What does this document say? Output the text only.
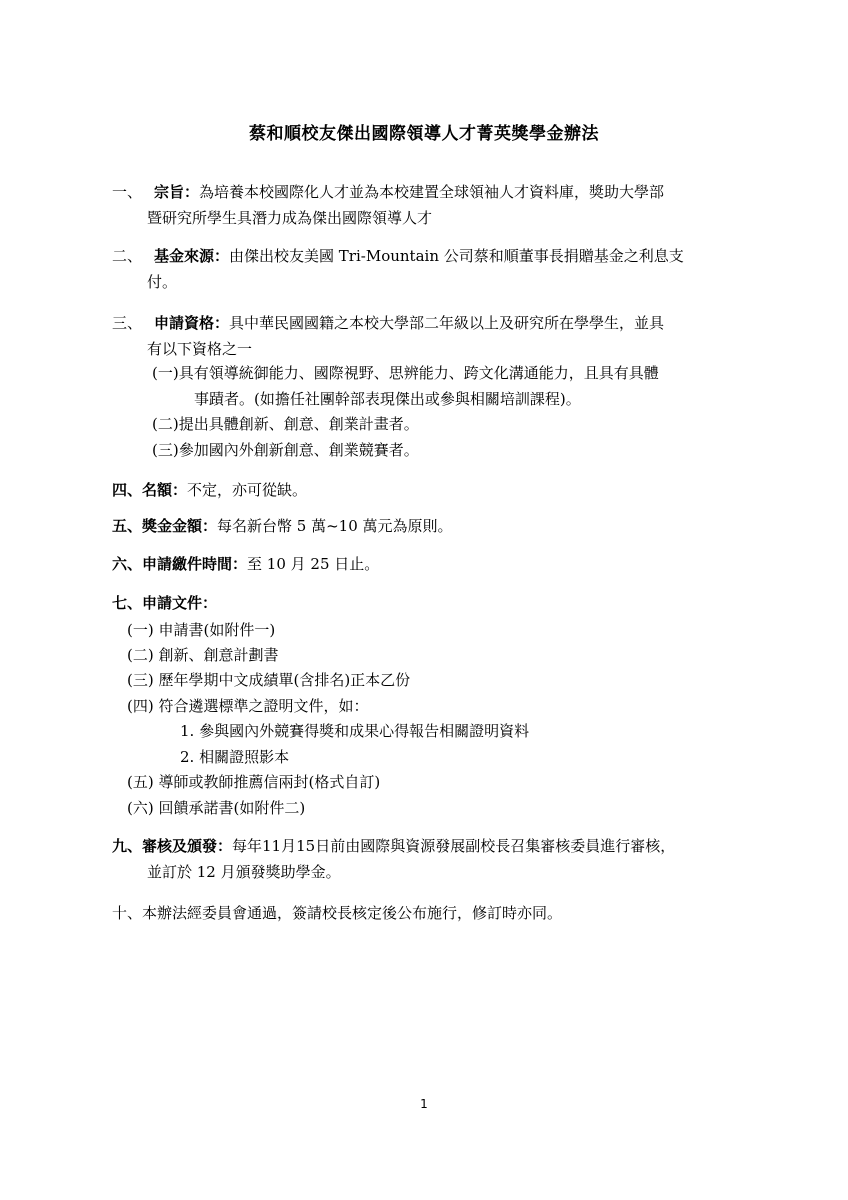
蔡和順校友傑出國際領導人才菁英獎學金辦法
一、 宗旨：為培養本校國際化人才並為本校建置全球領袖人才資料庫，獎助大學部
暨研究所學生具潛力成為傑出國際領導人才
二、 基金來源：由傑出校友美國 Tri-Mountain 公司蔡和順董事長捐贈基金之利息支
付。
三、 申請資格：具中華民國國籍之本校大學部二年級以上及研究所在學學生，並具
有以下資格之一
(一)具有領導統御能力、國際視野、思辨能力、跨文化溝通能力，且具有具體
事蹟者。(如擔任社團幹部表現傑出或參與相關培訓課程)。
(二)提出具體創新、創意、創業計畫者。
(三)參加國內外創新創意、創業競賽者。
四、名額：不定，亦可從缺。
五、獎金金額：每名新台幣 5 萬~10 萬元為原則。
六、申請繳件時間：至 10 月 25 日止。
七、申請文件：
(一) 申請書(如附件一)
(二) 創新、創意計劃書
(三) 歷年學期中文成績單(含排名)正本乙份
(四) 符合遴選標準之證明文件，如：
1. 參與國內外競賽得獎和成果心得報告相關證明資料
2. 相關證照影本
(五) 導師或教師推薦信兩封(格式自訂)
(六) 回饋承諾書(如附件二)
九、審核及頒發：每年11月15日前由國際與資源發展副校長召集審核委員進行審核，
並訂於 12 月頒發獎助學金。
十、本辦法經委員會通過，簽請校長核定後公布施行，修訂時亦同。
1
